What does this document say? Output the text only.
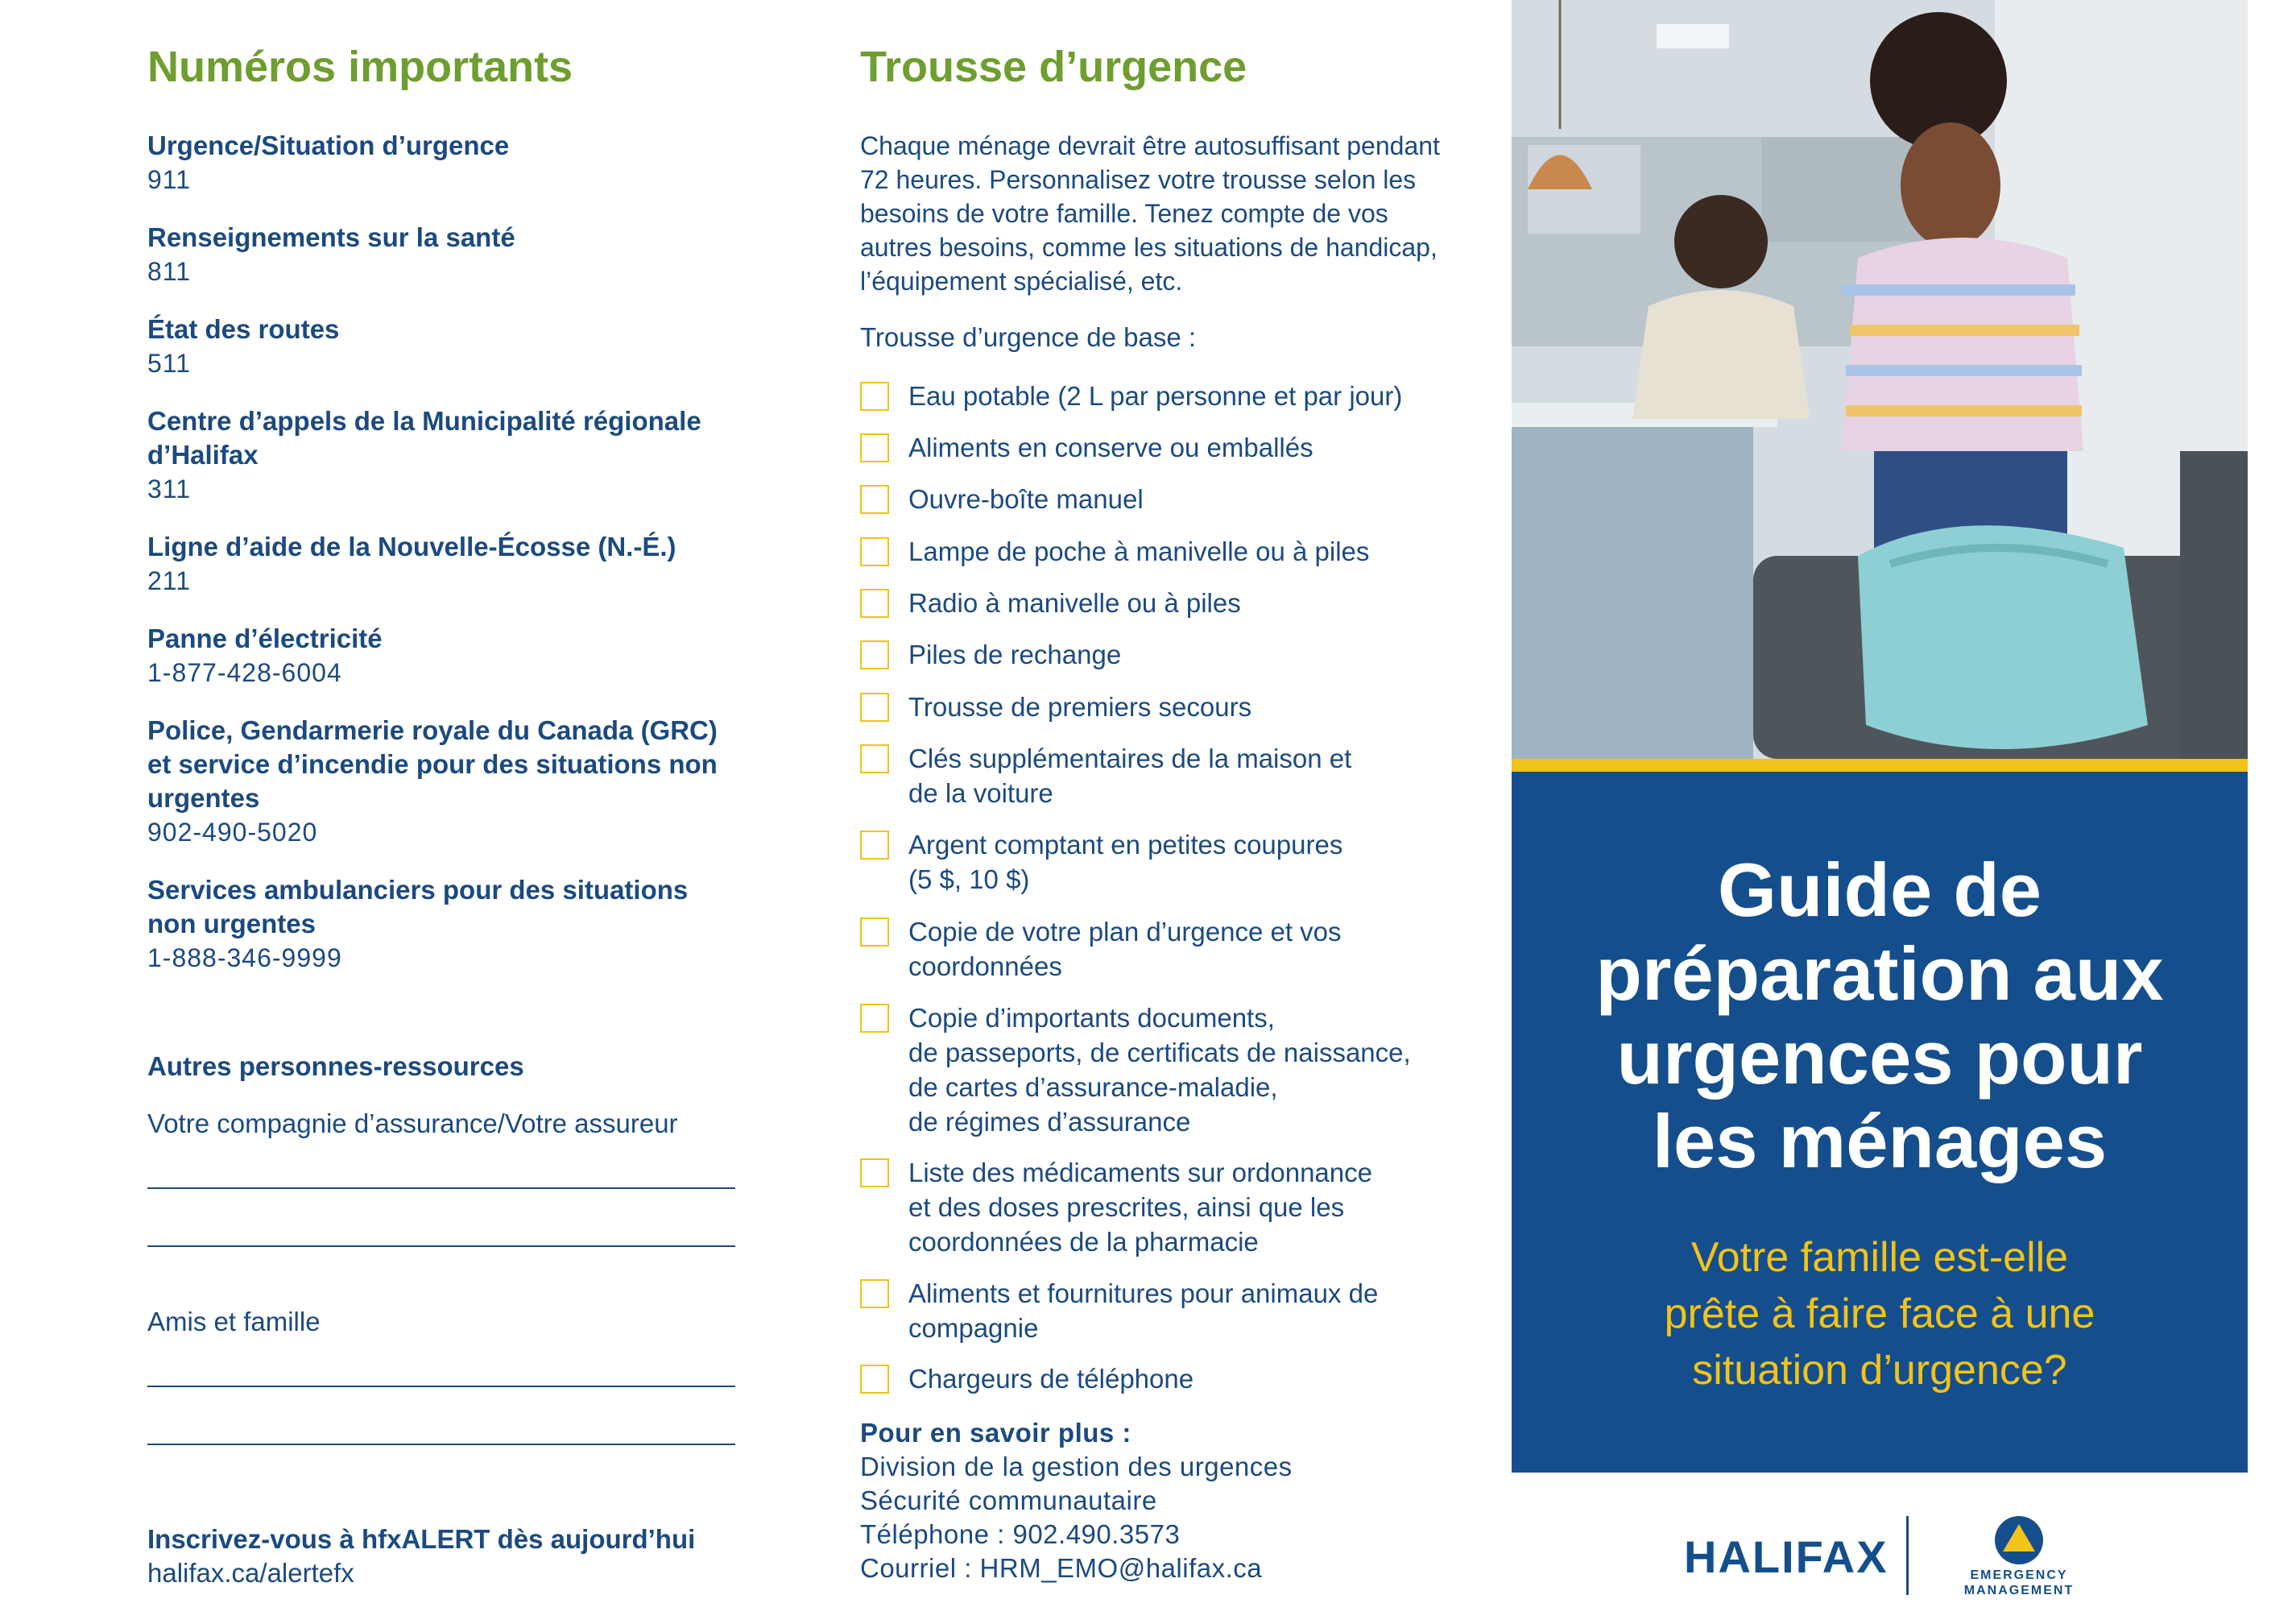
Numéros importants
Urgence/Situation d’urgence
911
Renseignements sur la santé
811
État des routes
511
Centre d’appels de la Municipalité régionale d’Halifax
311
Ligne d’aide de la Nouvelle-Écosse (N.-É.)
211
Panne d’électricité
1-877-428-6004
Police, Gendarmerie royale du Canada (GRC) et service d’incendie pour des situations non urgentes
902-490-5020
Services ambulanciers pour des situations non urgentes
1-888-346-9999
Autres personnes-ressources
Votre compagnie d’assurance/Votre assureur
Amis et famille
Inscrivez-vous à hfxALERT dès aujourd’hui
halifax.ca/alertefx
Trousse d’urgence
Chaque ménage devrait être autosuffisant pendant 72 heures. Personnalisez votre trousse selon les besoins de votre famille. Tenez compte de vos autres besoins, comme les situations de handicap, l’équipement spécialisé, etc.
Trousse d’urgence de base :
Eau potable (2 L par personne et par jour)
Aliments en conserve ou emballés
Ouvre-boîte manuel
Lampe de poche à manivelle ou à piles
Radio à manivelle ou à piles
Piles de rechange
Trousse de premiers secours
Clés supplémentaires de la maison et
de la voiture
Argent comptant en petites coupures
(5 $, 10 $)
Copie de votre plan d’urgence et vos
coordonnées
Copie d’importants documents,
de passeports, de certificats de naissance,
de cartes d’assurance-maladie,
de régimes d’assurance
Liste des médicaments sur ordonnance
et des doses prescrites, ainsi que les
coordonnées de la pharmacie
Aliments et fournitures pour animaux de
compagnie
Chargeurs de téléphone
Pour en savoir plus :
Division de la gestion des urgences
Sécurité communautaire
Téléphone : 902.490.3573
Courriel : HRM_EMO@halifax.ca
Guide de
préparation aux
urgences pour
les ménages
Votre famille est-elle
prête à faire face à une
situation d’urgence?
HALIFAX	EMERGENCY
MANAGEMENT
